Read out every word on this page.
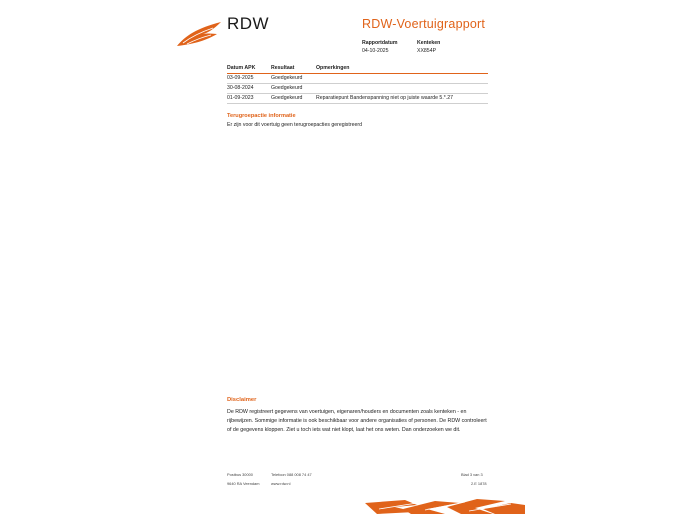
RDW	RDW-Voertuigrapport
Rapportdatum
04-10-2025
Kenteken
XX854P
Datum APK	Resultaat	Opmerkingen
03-09-2025	Goedgekeurd	
30-08-2024	Goedgekeurd	
01-09-2023	Goedgekeurd	Reparatiepunt Bandenspanning niet op juiste waarde 5.*.27
Terugroepactie informatie
Er zijn voor dit voertuig geen terugroepacties geregistreerd
Disclaimer
De RDW registreert gegevens van voertuigen, eigenaren/houders en documenten zoals kenteken - en rijbewijzen. Sommige informatie is ook beschikbaar voor andere organisaties of personen. De RDW controleert of de gegevens kloppen. Ziet u toch iets wat niet klopt, laat het ons weten. Dan onderzoeken we dit.
Postbus 30000	Telefoon 088 008 74 47
9640 RA Veendam	www.rdw.nl
Blad 3 van 3
2.E 1878
